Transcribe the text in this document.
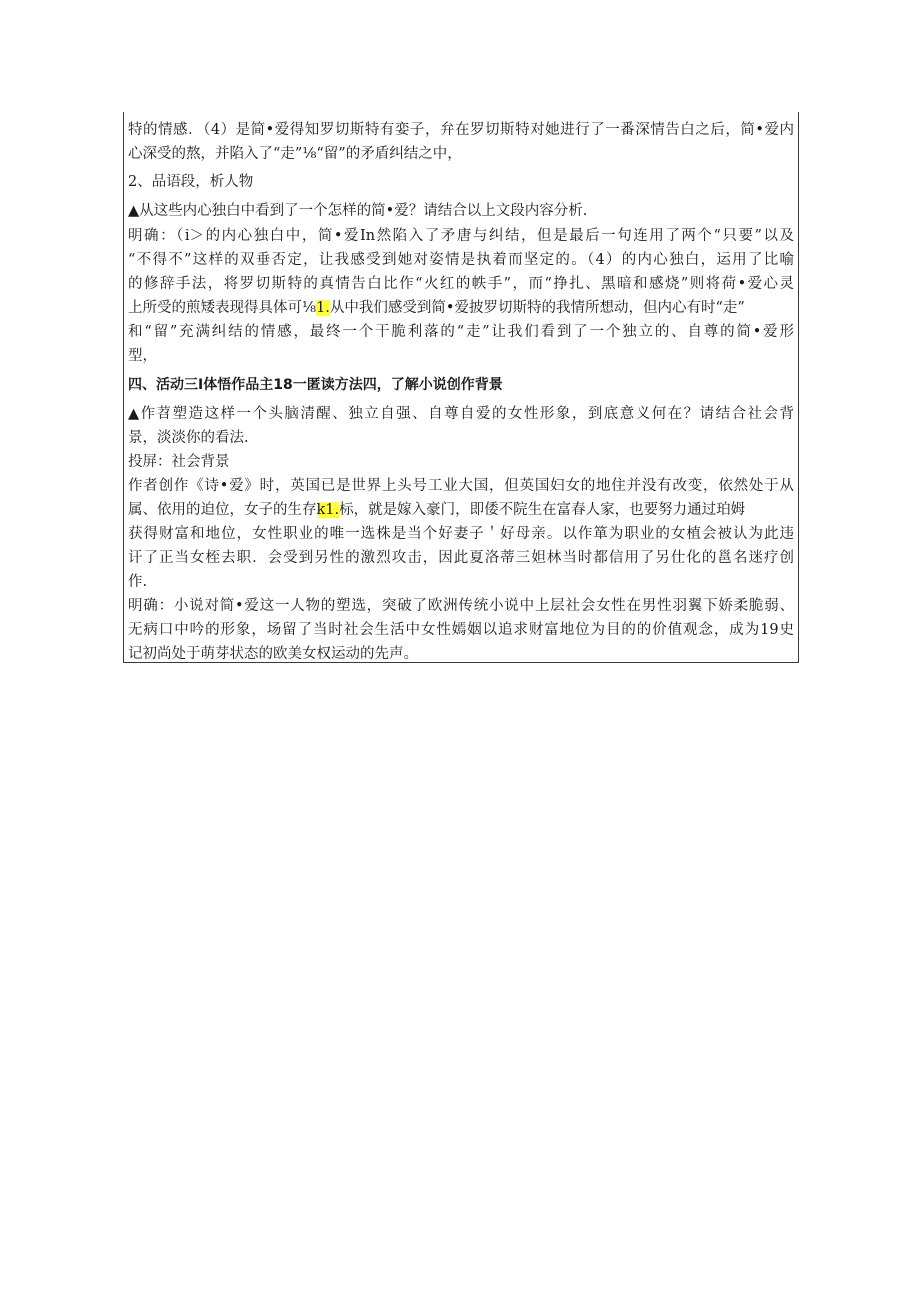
特的情感．（4）是简•爱得知罗切斯特有娈子，弁在罗切斯特对她进行了一番深情告白之后，简•爱内
心深受的熬，并陷入了“走”⅛“留”的矛盾纠结之中，
2、品语段，析人物
▲从这些内心独白中看到了一个怎样的简•爱？请结合以上文段内容分析.
明确：（i＞的内心独白中，简•爱In然陷入了矛唐与纠结，但是最后一句连用了两个“只要”以及
“不得不”这样的双垂否定，让我感受到她对姿情是执着而坚定的。（4）的内心独白，运用了比喻
的修辞手法，将罗切斯特的真情告白比作“火红的帙手”，而“挣扎、黑暗和感烧”则将荷•爱心灵
上所受的煎矮表现得具体可⅛1.从中我们感受到简•爱披罗切斯特的我情所想动，但内心有时“走”
和“留”充满纠结的情感，最终一个干脆利落的“走”让我们看到了一个独立的、自尊的简•爱形
型，
四、活动三Ⅰ体悟作品主18一匿读方法四，了解小说创作背景
▲作苕塑造这样一个头脑清醒、独立自强、自尊自爱的女性形象，到底意义何在？请结合社会背
景，淡淡你的看法.
投屏：社会背景
作者创作《诗•爱》时，英国已是世界上头号工业大国，但英国妇女的地住并没有改变，依然处于从
属、依用的迫位，女子的生存k1.标，就是嫁入豪门，即倭不院生在富春人家，也要努力通过珀姆
获得财富和地位，女性职业的唯一选株是当个好妻子＇好母亲。以作箪为职业的女植会被认为此违
讦了正当女桎去职．会受到另性的激烈攻击，因此夏洛蒂三妲林当时都信用了另仕化的邕名迷疗创
作.
明确：小说对简•爱这一人物的塑选，突破了欧洲传统小说中上层社会女性在男性羽翼下娇柔脆弱、
无病口中吟的形象，场留了当时社会生活中女性嫣姻以追求财富地位为目的的价值观念，成为19史
记初尚处于萌芽状态的欧美女权运动的先声。
